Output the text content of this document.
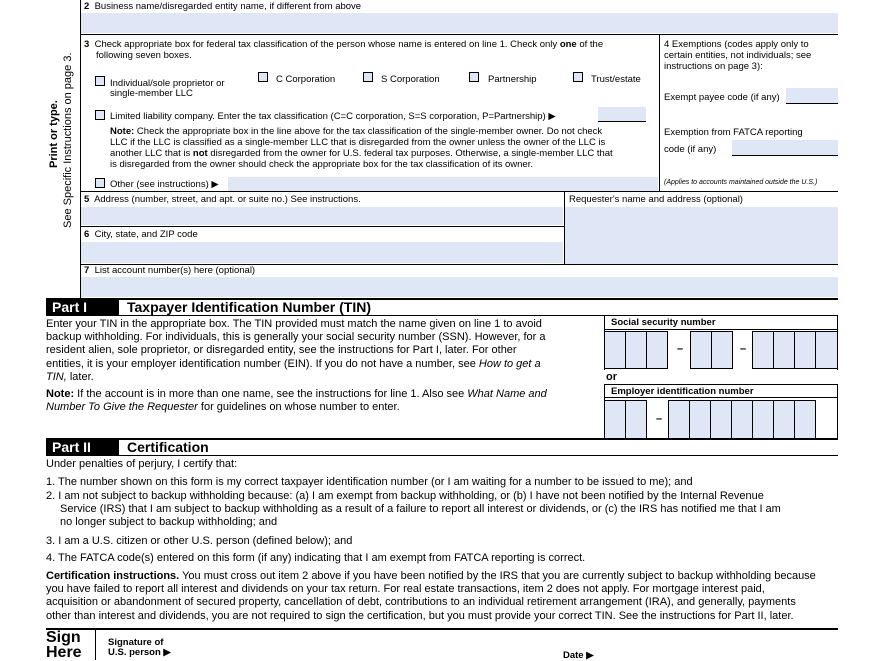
Print or type. See Specific Instructions on page 3.
2 Business name/disregarded entity name, if different from above
3 Check appropriate box for federal tax classification of the person whose name is entered on line 1. Check only one of the
following seven boxes.
Individual/sole proprietor or
single-member LLC
C Corporation	S Corporation	Partnership	Trust/estate
Limited liability company. Enter the tax classification (C=C corporation, S=S corporation, P=Partnership) ▶
Note: Check the appropriate box in the line above for the tax classification of the single-member owner. Do not check
LLC if the LLC is classified as a single-member LLC that is disregarded from the owner unless the owner of the LLC is
another LLC that is not disregarded from the owner for U.S. federal tax purposes. Otherwise, a single-member LLC that
is disregarded from the owner should check the appropriate box for the tax classification of its owner.
Other (see instructions) ▶
4 Exemptions (codes apply only to
certain entities, not individuals; see
instructions on page 3):
Exempt payee code (if any)
Exemption from FATCA reporting
code (if any)
(Applies to accounts maintained outside the U.S.)
5 Address (number, street, and apt. or suite no.) See instructions.	Requester's name and address (optional)
6 City, state, and ZIP code
7 List account number(s) here (optional)
Part I	Taxpayer Identification Number (TIN)
Enter your TIN in the appropriate box. The TIN provided must match the name given on line 1 to avoid
backup withholding. For individuals, this is generally your social security number (SSN). However, for a
resident alien, sole proprietor, or disregarded entity, see the instructions for Part I, later. For other
entities, it is your employer identification number (EIN). If you do not have a number, see How to get a
TIN, later.
Note: If the account is in more than one name, see the instructions for line 1. Also see What Name and
Number To Give the Requester for guidelines on whose number to enter.
Social security number
–	–
or
Employer identification number
–
Part II	Certification
Under penalties of perjury, I certify that:
1. The number shown on this form is my correct taxpayer identification number (or I am waiting for a number to be issued to me); and
2. I am not subject to backup withholding because: (a) I am exempt from backup withholding, or (b) I have not been notified by the Internal Revenue
Service (IRS) that I am subject to backup withholding as a result of a failure to report all interest or dividends, or (c) the IRS has notified me that I am
no longer subject to backup withholding; and
3. I am a U.S. citizen or other U.S. person (defined below); and
4. The FATCA code(s) entered on this form (if any) indicating that I am exempt from FATCA reporting is correct.
Certification instructions. You must cross out item 2 above if you have been notified by the IRS that you are currently subject to backup withholding because
you have failed to report all interest and dividends on your tax return. For real estate transactions, item 2 does not apply. For mortgage interest paid,
acquisition or abandonment of secured property, cancellation of debt, contributions to an individual retirement arrangement (IRA), and generally, payments
other than interest and dividends, you are not required to sign the certification, but you must provide your correct TIN. See the instructions for Part II, later.
Sign
Here
Signature of
U.S. person ▶	Date ▶
